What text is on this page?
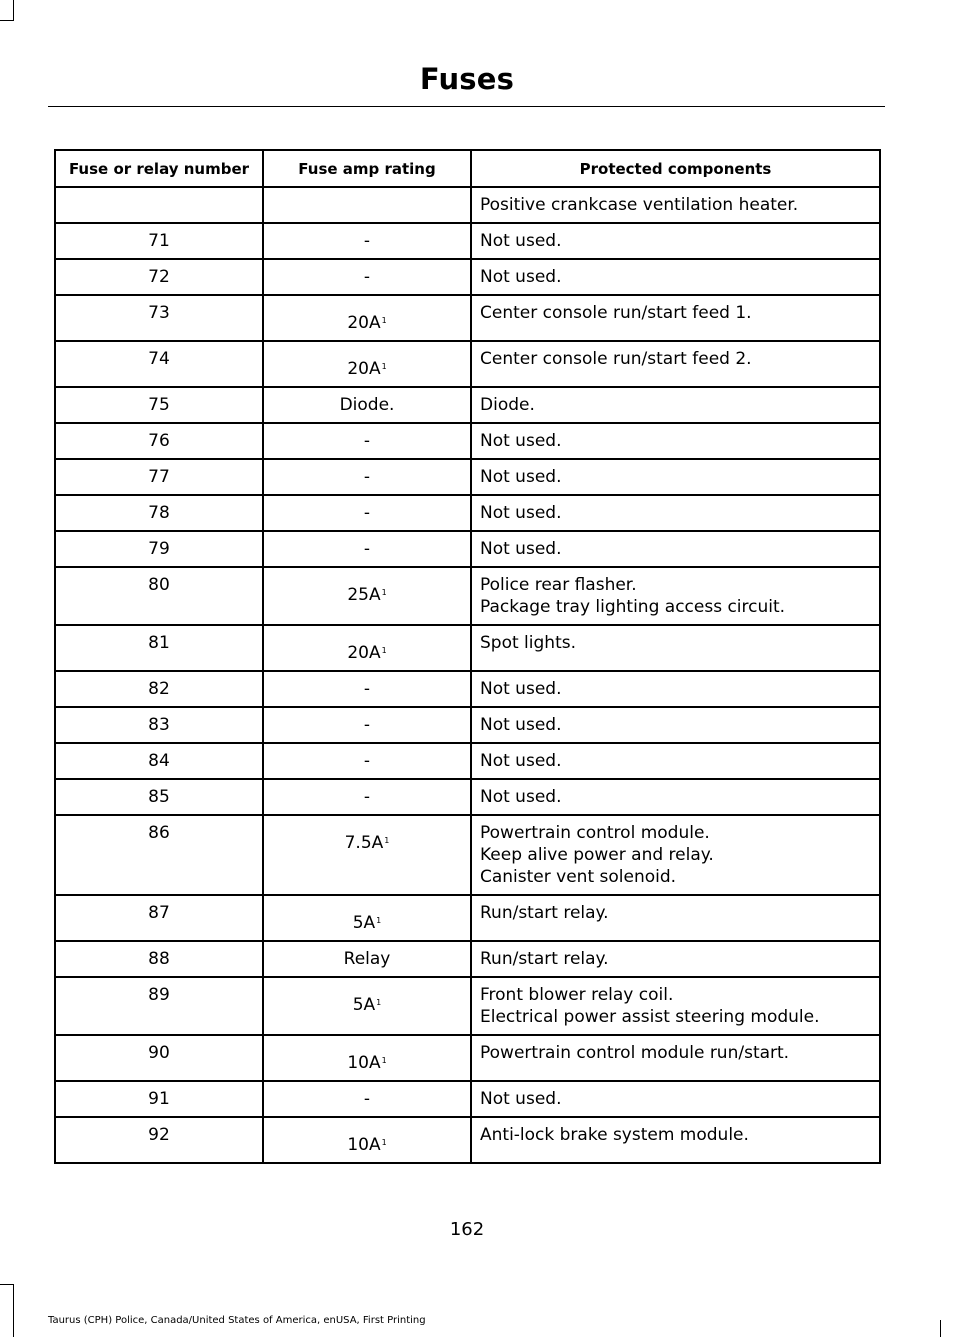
Fuses
Fuse or relay number	Fuse amp rating	Protected components

		Positive crankcase ventilation heater.

71	-	Not used.

72	-	Not used.

73	20A$^1$	Center console run/start feed 1.

74	20A$^1$	Center console run/start feed 2.

75	Diode.	Diode.

76	-	Not used.

77	-	Not used.

78	-	Not used.

79	-	Not used.

80	25A$^1$	Police rear flasher.
Package tray lighting access circuit.

81	20A$^1$	Spot lights.

82	-	Not used.

83	-	Not used.

84	-	Not used.

85	-	Not used.

86	7.5A$^1$	Powertrain control module.
Keep alive power and relay.
Canister vent solenoid.

87	5A$^1$	Run/start relay.

88	Relay	Run/start relay.

89	5A$^1$	Front blower relay coil.
Electrical power assist steering module.

90	10A$^1$	Powertrain control module run/start.

91	-	Not used.

92	10A$^1$	Anti-lock brake system module.
162
Taurus (CPH) Police, Canada/United States of America, enUSA, First Printing
